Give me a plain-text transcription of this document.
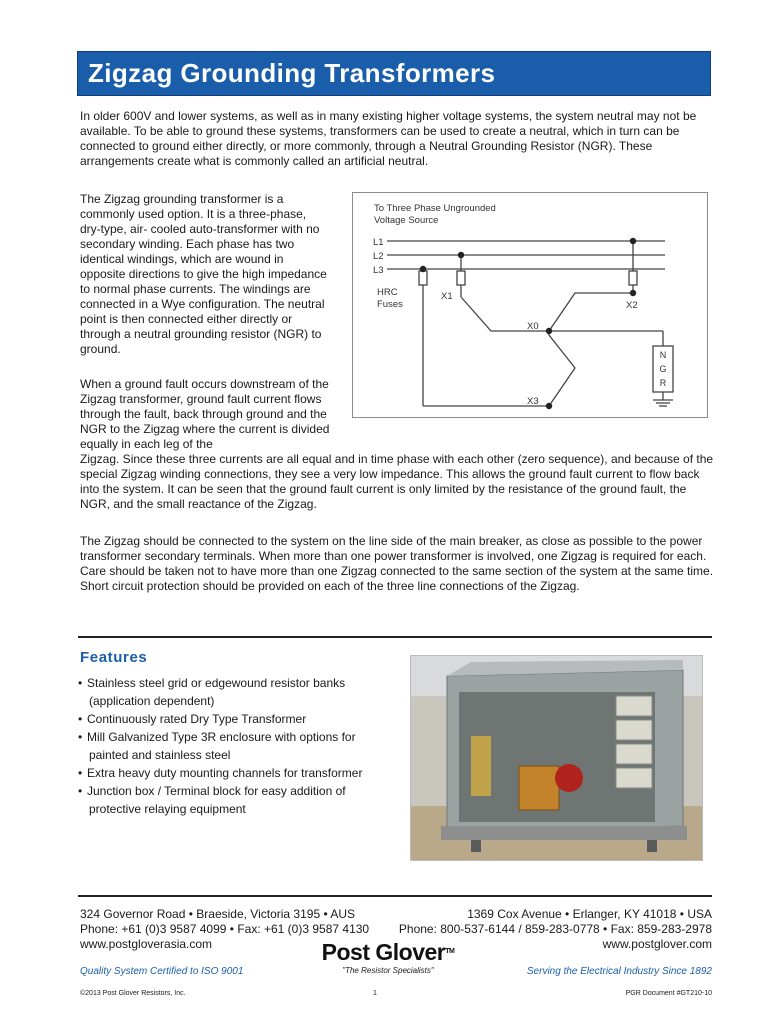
Zigzag Grounding Transformers

In older 600V and lower systems, as well as in many existing higher voltage systems, the system neutral may not be available. To be able to ground these systems, transformers can be used to create a neutral, which in turn can be connected to ground either directly, or more commonly, through a Neutral Grounding Resistor (NGR). These arrangements create what is commonly called an artificial neutral.

The Zigzag grounding transformer is a commonly used option. It is a three-phase, dry-type, air- cooled auto-transformer with no secondary winding. Each phase has two identical windings, which are wound in opposite directions to give the high impedance to normal phase currents. The windings are connected in a Wye configuration. The neutral point is then connected either directly or through a neutral grounding resistor (NGR) to ground.

When a ground fault occurs downstream of the Zigzag transformer, ground fault current flows through the fault, back through ground and the NGR to the Zigzag where the current is divided equally in each leg of the

Zigzag. Since these three currents are all equal and in time phase with each other (zero sequence), and because of the special Zigzag winding connections, they see a very low impedance. This allows the ground fault current to flow back into the system. It can be seen that the ground fault current is only limited by the resistance of the ground fault, the NGR, and the small reactance of the Zigzag.

The Zigzag should be connected to the system on the line side of the main breaker, as close as possible to the power transformer secondary terminals. When more than one power transformer is involved, one Zigzag is required for each. Care should be taken not to have more than one Zigzag connected to the same section of the system at the same time. Short circuit protection should be provided on each of the three line connections of the Zigzag.

To Three Phase Ungrounded
Voltage Source
L1
L2
L3
HRC
Fuses
X1
X2
X0
X3
N
G
R
Features
• Stainless steel grid or edgewound resistor banks
(application dependent)
• Continuously rated Dry Type Transformer
• Mill Galvanized Type 3R enclosure with options for
painted and stainless steel
• Extra heavy duty mounting channels for transformer
• Junction box / Terminal block for easy addition of
protective relaying equipment
324 Governor Road • Braeside, Victoria 3195 • AUS
Phone: +61 (0)3 9587 4099 • Fax: +61 (0)3 9587 4130
www.postgloverasia.com
1369 Cox Avenue • Erlanger, KY 41018 • USA
Phone: 800-537-6144 / 859-283-0778 • Fax: 859-283-2978
www.postglover.com
Post Glover™
"The Resistor Specialists"
Quality System Certified to ISO 9001	Serving the Electrical Industry Since 1892
©2013 Post Glover Resistors, Inc.	1	PGR Document #GT210-10
